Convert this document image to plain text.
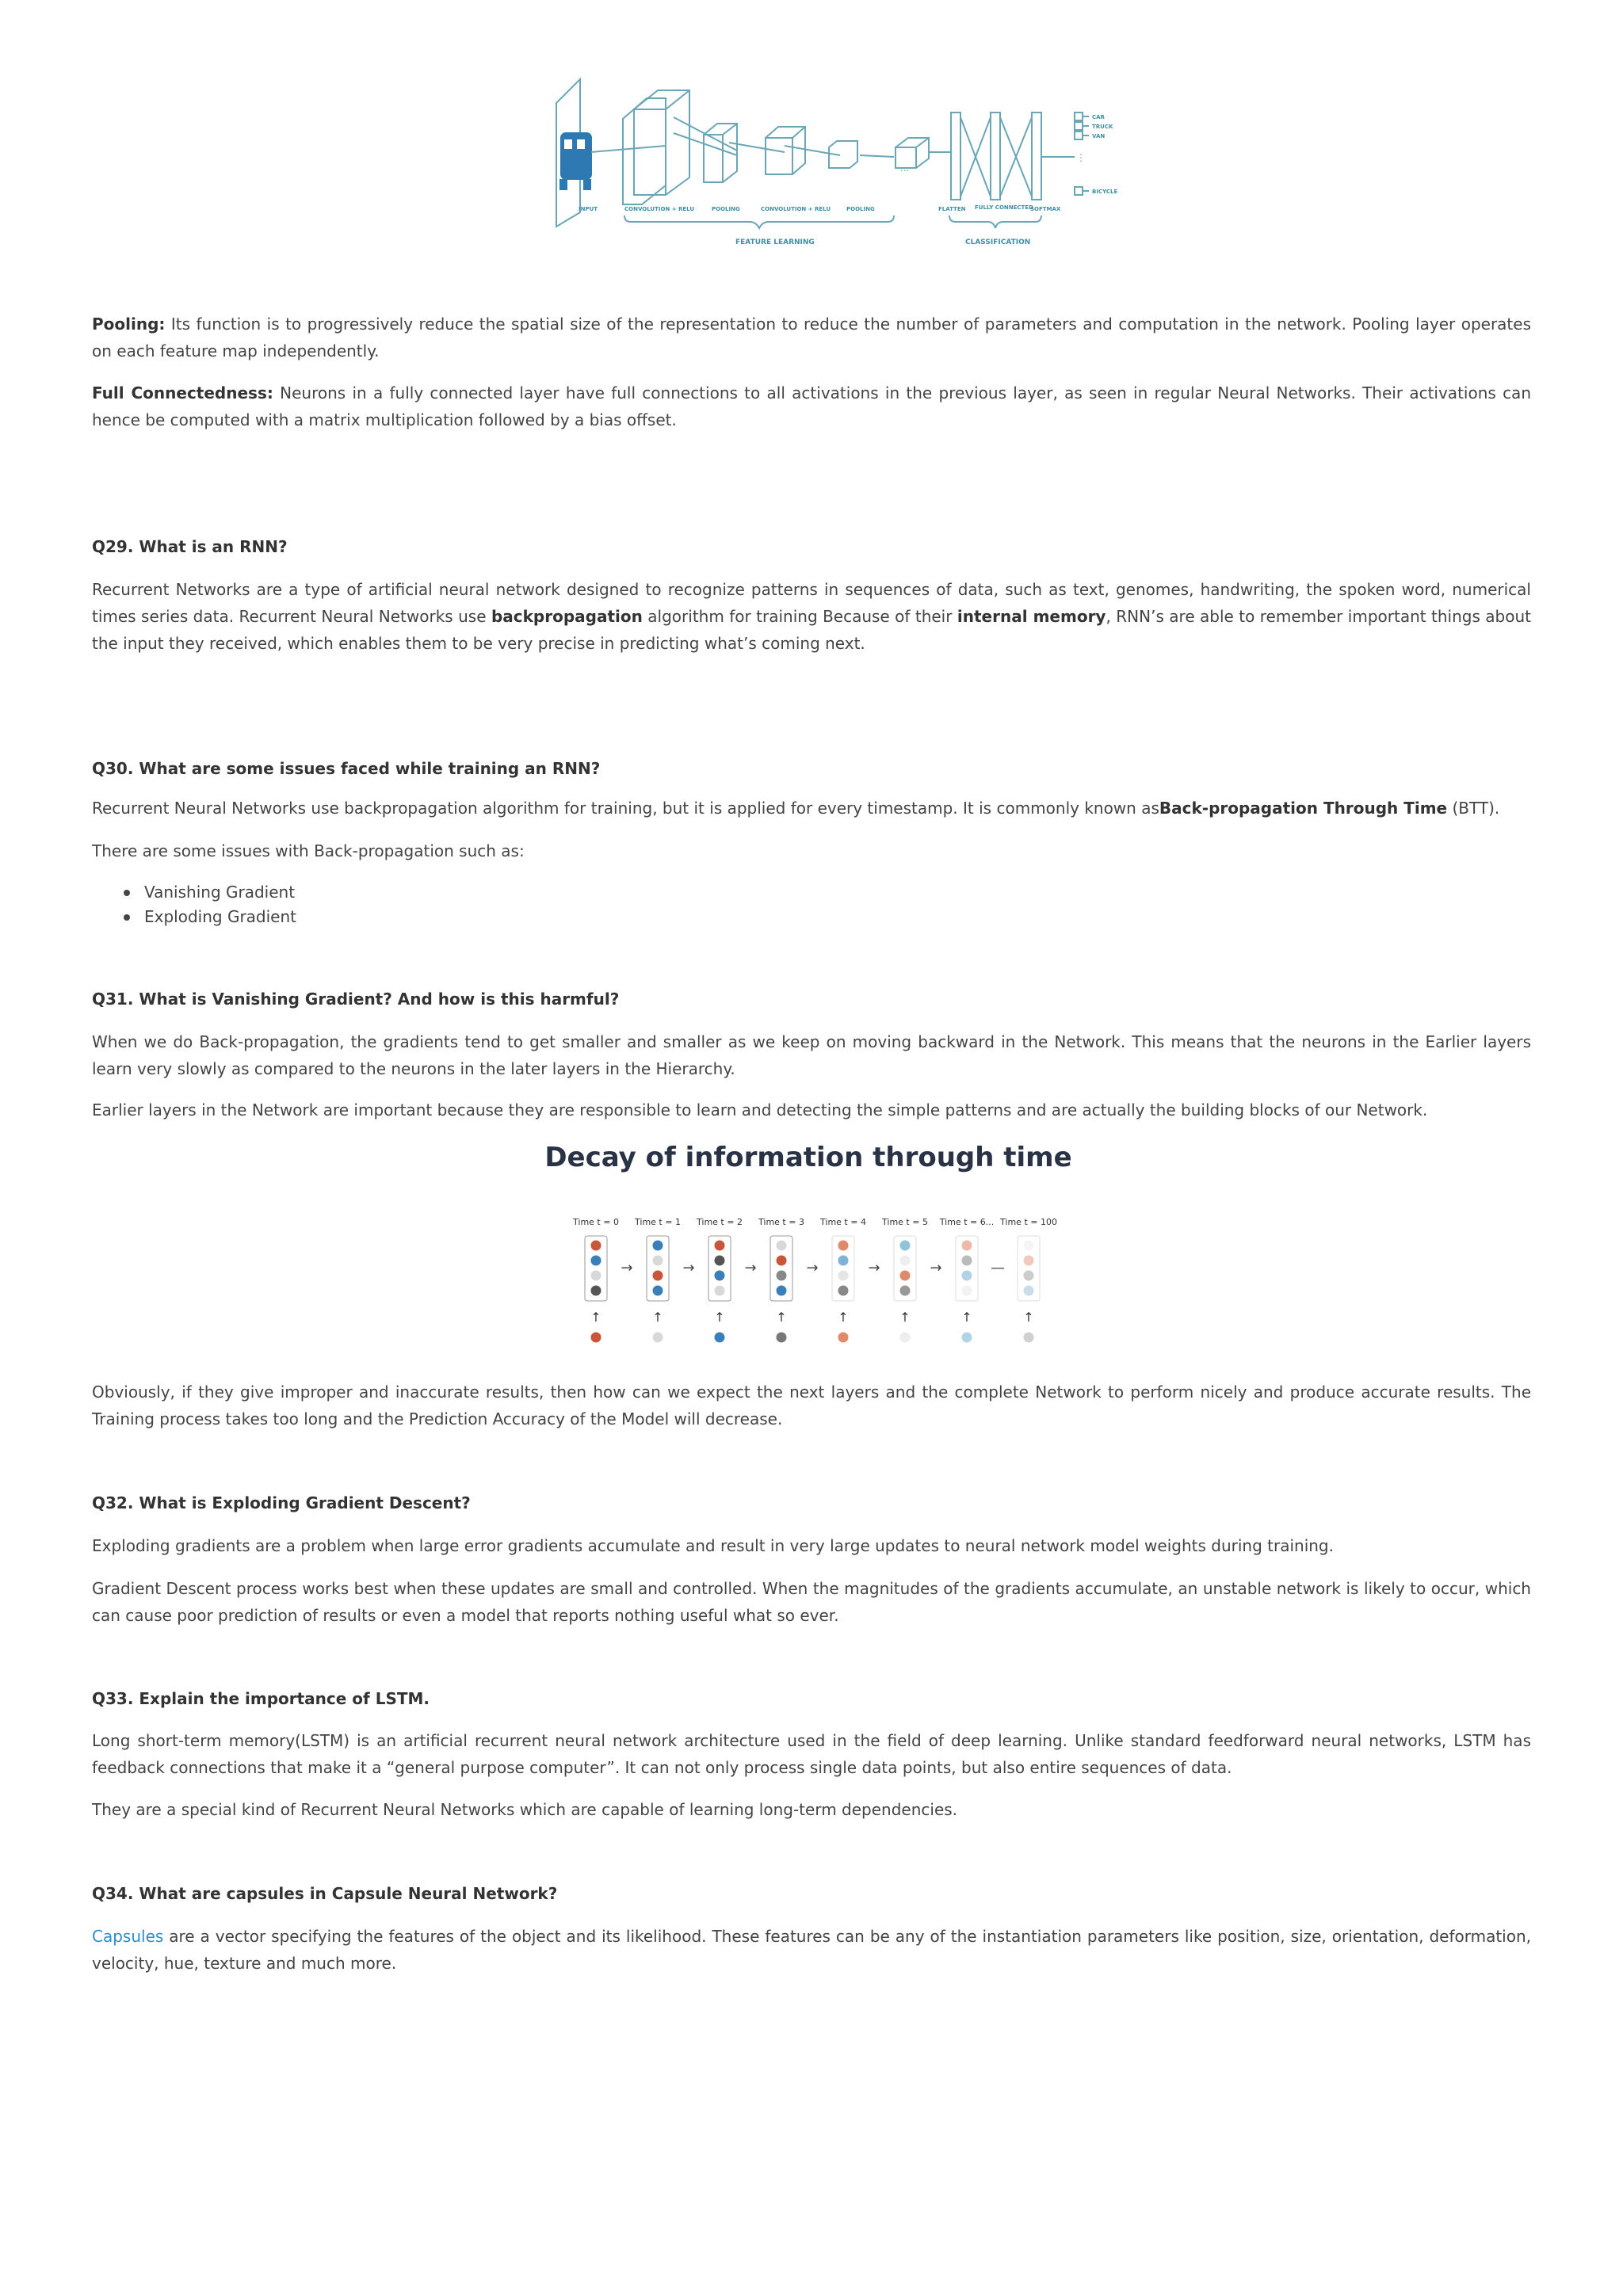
INPUT	CONVOLUTION + RELU	POOLING	CONVOLUTION + RELU	POOLING	FLATTEN FULLY CONNECTED
SOFTMAX
CAR
TRUCK
VAN
BICYCLE
FEATURE LEARNING	CLASSIFICATION
⋮
...

Pooling: Its function is to progressively reduce the spatial size of the representation to reduce the number of parameters and computation in the network. Pooling layer operates on each feature map independently.

Full Connectedness: Neurons in a fully connected layer have full connections to all activations in the previous layer, as seen in regular Neural Networks. Their activations can hence be computed with a matrix multiplication followed by a bias offset.

Q29. What is an RNN?

Recurrent Networks are a type of artificial neural network designed to recognize patterns in sequences of data, such as text, genomes, handwriting, the spoken word, numerical times series data. Recurrent Neural Networks use backpropagation algorithm for training Because of their internal memory, RNN’s are able to remember important things about the input they received, which enables them to be very precise in predicting what’s coming next.

Q30. What are some issues faced while training an RNN?

Recurrent Neural Networks use backpropagation algorithm for training, but it is applied for every timestamp. It is commonly known asBack-propagation Through Time (BTT).

There are some issues with Back-propagation such as:

Vanishing Gradient
Exploding Gradient
Q31. What is Vanishing Gradient? And how is this harmful?

When we do Back-propagation, the gradients tend to get smaller and smaller as we keep on moving backward in the Network. This means that the neurons in the Earlier layers learn very slowly as compared to the neurons in the later layers in the Hierarchy.

Earlier layers in the Network are important because they are responsible to learn and detecting the simple patterns and are actually the building blocks of our Network.

Decay of information through time
Time t = 0
↑
→
Time t = 1
↑
→
Time t = 2
↑
→
Time t = 3
↑
→
Time t = 4
↑
→
Time t = 5
↑
→
Time t = 6...
↑
—
Time t = 100
↑

Obviously, if they give improper and inaccurate results, then how can we expect the next layers and the complete Network to perform nicely and produce accurate results. The Training process takes too long and the Prediction Accuracy of the Model will decrease.

Q32. What is Exploding Gradient Descent?

Exploding gradients are a problem when large error gradients accumulate and result in very large updates to neural network model weights during training.

Gradient Descent process works best when these updates are small and controlled. When the magnitudes of the gradients accumulate, an unstable network is likely to occur, which can cause poor prediction of results or even a model that reports nothing useful what so ever.

Q33. Explain the importance of LSTM.

Long short-term memory(LSTM) is an artificial recurrent neural network architecture used in the field of deep learning. Unlike standard feedforward neural networks, LSTM has feedback connections that make it a “general purpose computer”. It can not only process single data points, but also entire sequences of data.

They are a special kind of Recurrent Neural Networks which are capable of learning long-term dependencies.

Q34. What are capsules in Capsule Neural Network?

Capsules are a vector specifying the features of the object and its likelihood. These features can be any of the instantiation parameters like position, size, orientation, deformation, velocity, hue, texture and much more.
